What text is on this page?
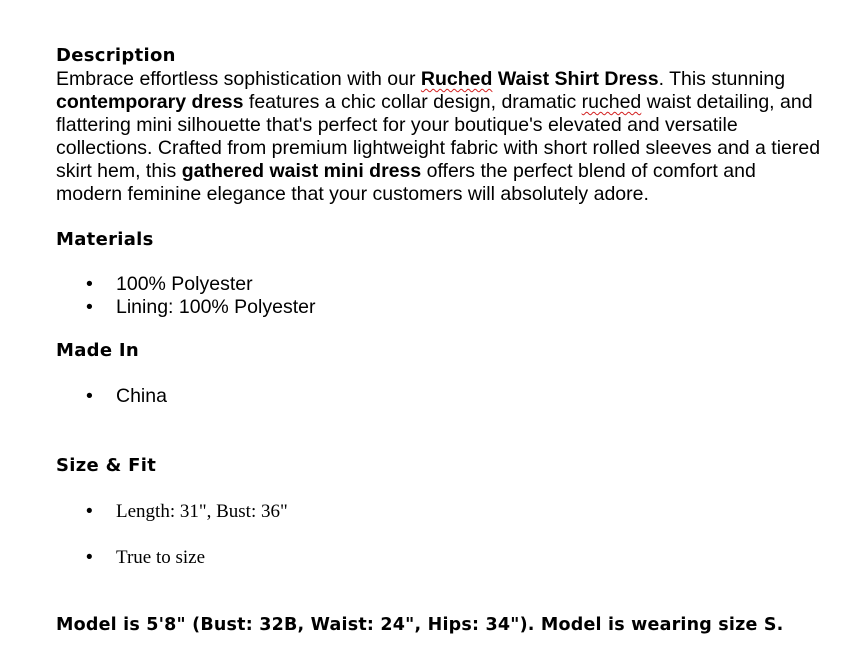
Description

Embrace effortless sophistication with our Ruched Waist Shirt Dress. This stunning contemporary dress features a chic collar design, dramatic ruched waist detailing, and flattering mini silhouette that's perfect for your boutique's elevated and versatile collections. Crafted from premium lightweight fabric with short rolled sleeves and a tiered skirt hem, this gathered waist mini dress offers the perfect blend of comfort and modern feminine elegance that your customers will absolutely adore.

Materials
• 100% Polyester
• Lining: 100% Polyester
Made In
• China
Size & Fit
• Length: 31", Bust: 36"
• True to size

Model is 5'8" (Bust: 32B, Waist: 24", Hips: 34"). Model is wearing size S.
